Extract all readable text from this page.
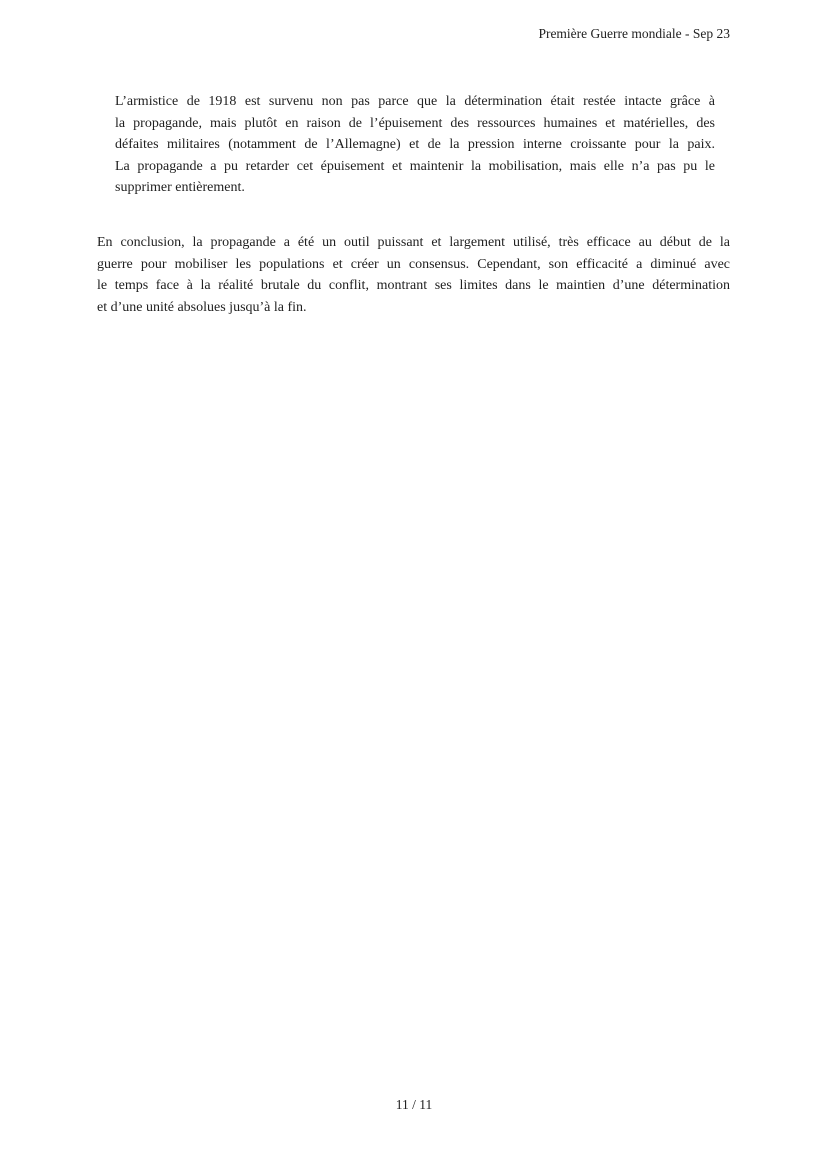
Première Guerre mondiale - Sep 23
L’armistice de 1918 est survenu non pas parce que la détermination était restée intacte grâce à
la propagande, mais plutôt en raison de l’épuisement des ressources humaines et matérielles, des
défaites militaires (notamment de l’Allemagne) et de la pression interne croissante pour la paix.
La propagande a pu retarder cet épuisement et maintenir la mobilisation, mais elle n’a pas pu le
supprimer entièrement.
En conclusion, la propagande a été un outil puissant et largement utilisé, très efficace au début de la
guerre pour mobiliser les populations et créer un consensus. Cependant, son efficacité a diminué avec
le temps face à la réalité brutale du conflit, montrant ses limites dans le maintien d’une détermination
et d’une unité absolues jusqu’à la fin.
11 / 11
